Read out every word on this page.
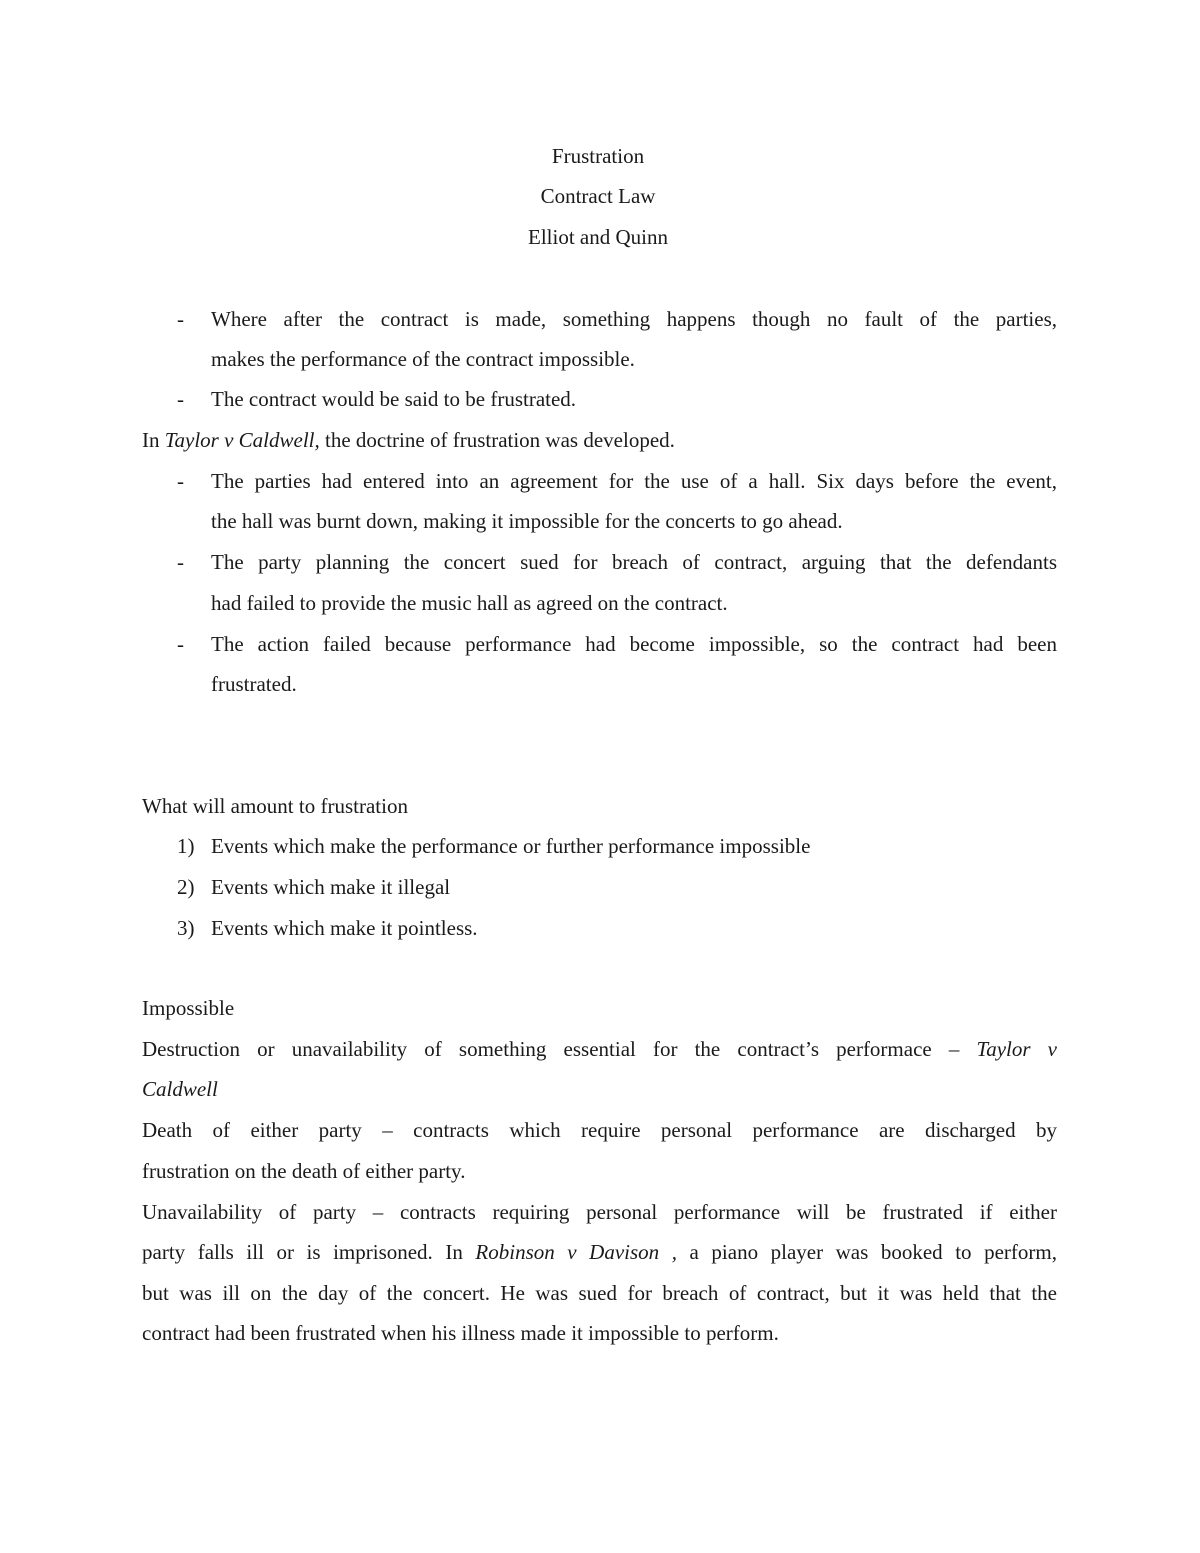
Frustration
Contract Law
Elliot and Quinn
- Where after the contract is made, something happens though no fault of the parties,
makes the performance of the contract impossible.
- The contract would be said to be frustrated.
In Taylor v Caldwell, the doctrine of frustration was developed.
- The parties had entered into an agreement for the use of a hall. Six days before the event,
the hall was burnt down, making it impossible for the concerts to go ahead.
- The party planning the concert sued for breach of contract, arguing that the defendants
had failed to provide the music hall as agreed on the contract.
- The action failed because performance had become impossible, so the contract had been
frustrated.
What will amount to frustration
1) Events which make the performance or further performance impossible
2) Events which make it illegal
3) Events which make it pointless.
Impossible
Destruction or unavailability of something essential for the contract’s performace – Taylor v
Caldwell
Death of either party – contracts which require personal performance are discharged by
frustration on the death of either party.
Unavailability of party – contracts requiring personal performance will be frustrated if either
party falls ill or is imprisoned. In Robinson v Davison , a piano player was booked to perform,
but was ill on the day of the concert. He was sued for breach of contract, but it was held that the
contract had been frustrated when his illness made it impossible to perform.
